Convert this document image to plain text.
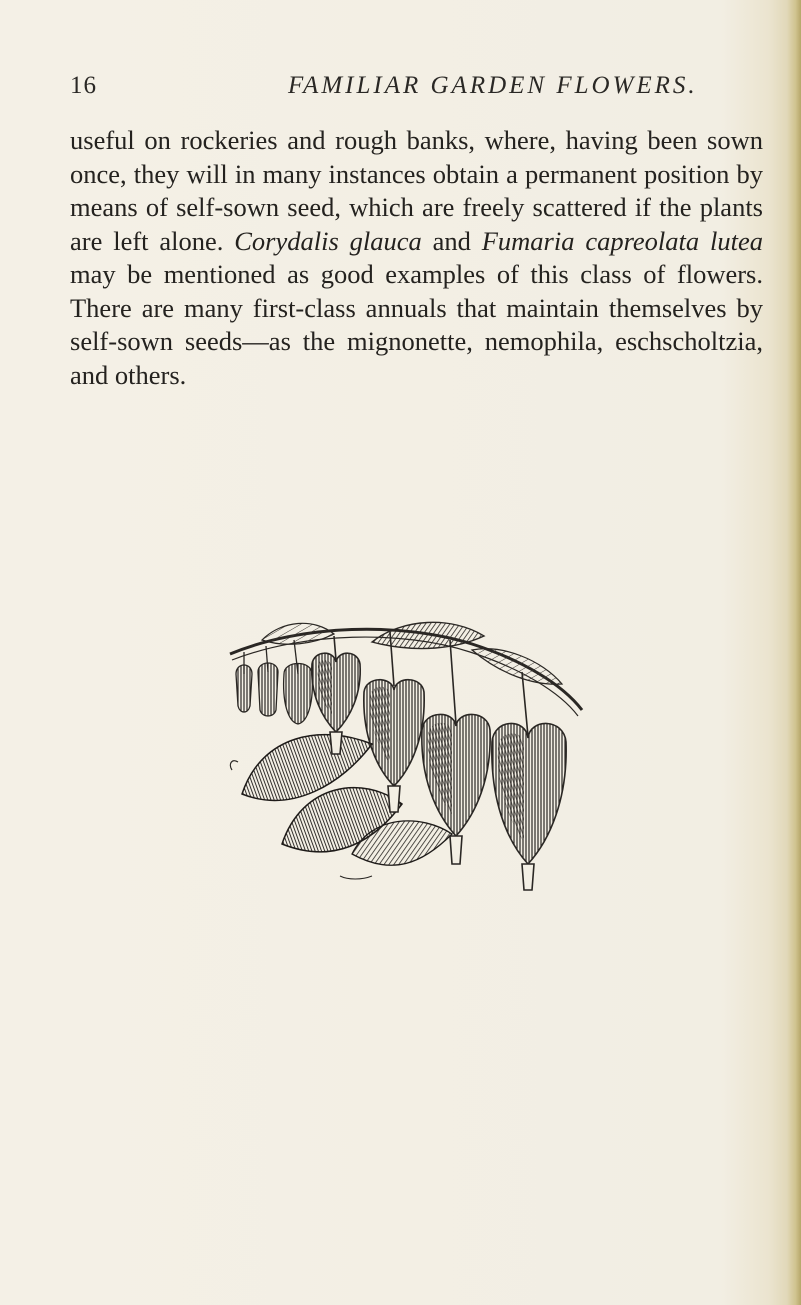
16	FAMILIAR GARDEN FLOWERS.

useful on rockeries and rough banks, where, having been sown once, they will in many instances obtain a permanent position by means of self-sown seed, which are freely scattered if the plants are left alone. Corydalis glauca and Fumaria capreolata lutea may be mentioned as good examples of this class of flowers. There are many first-class annuals that maintain themselves by self-sown seeds—as the mignonette, nemophila, eschscholtzia, and others.
